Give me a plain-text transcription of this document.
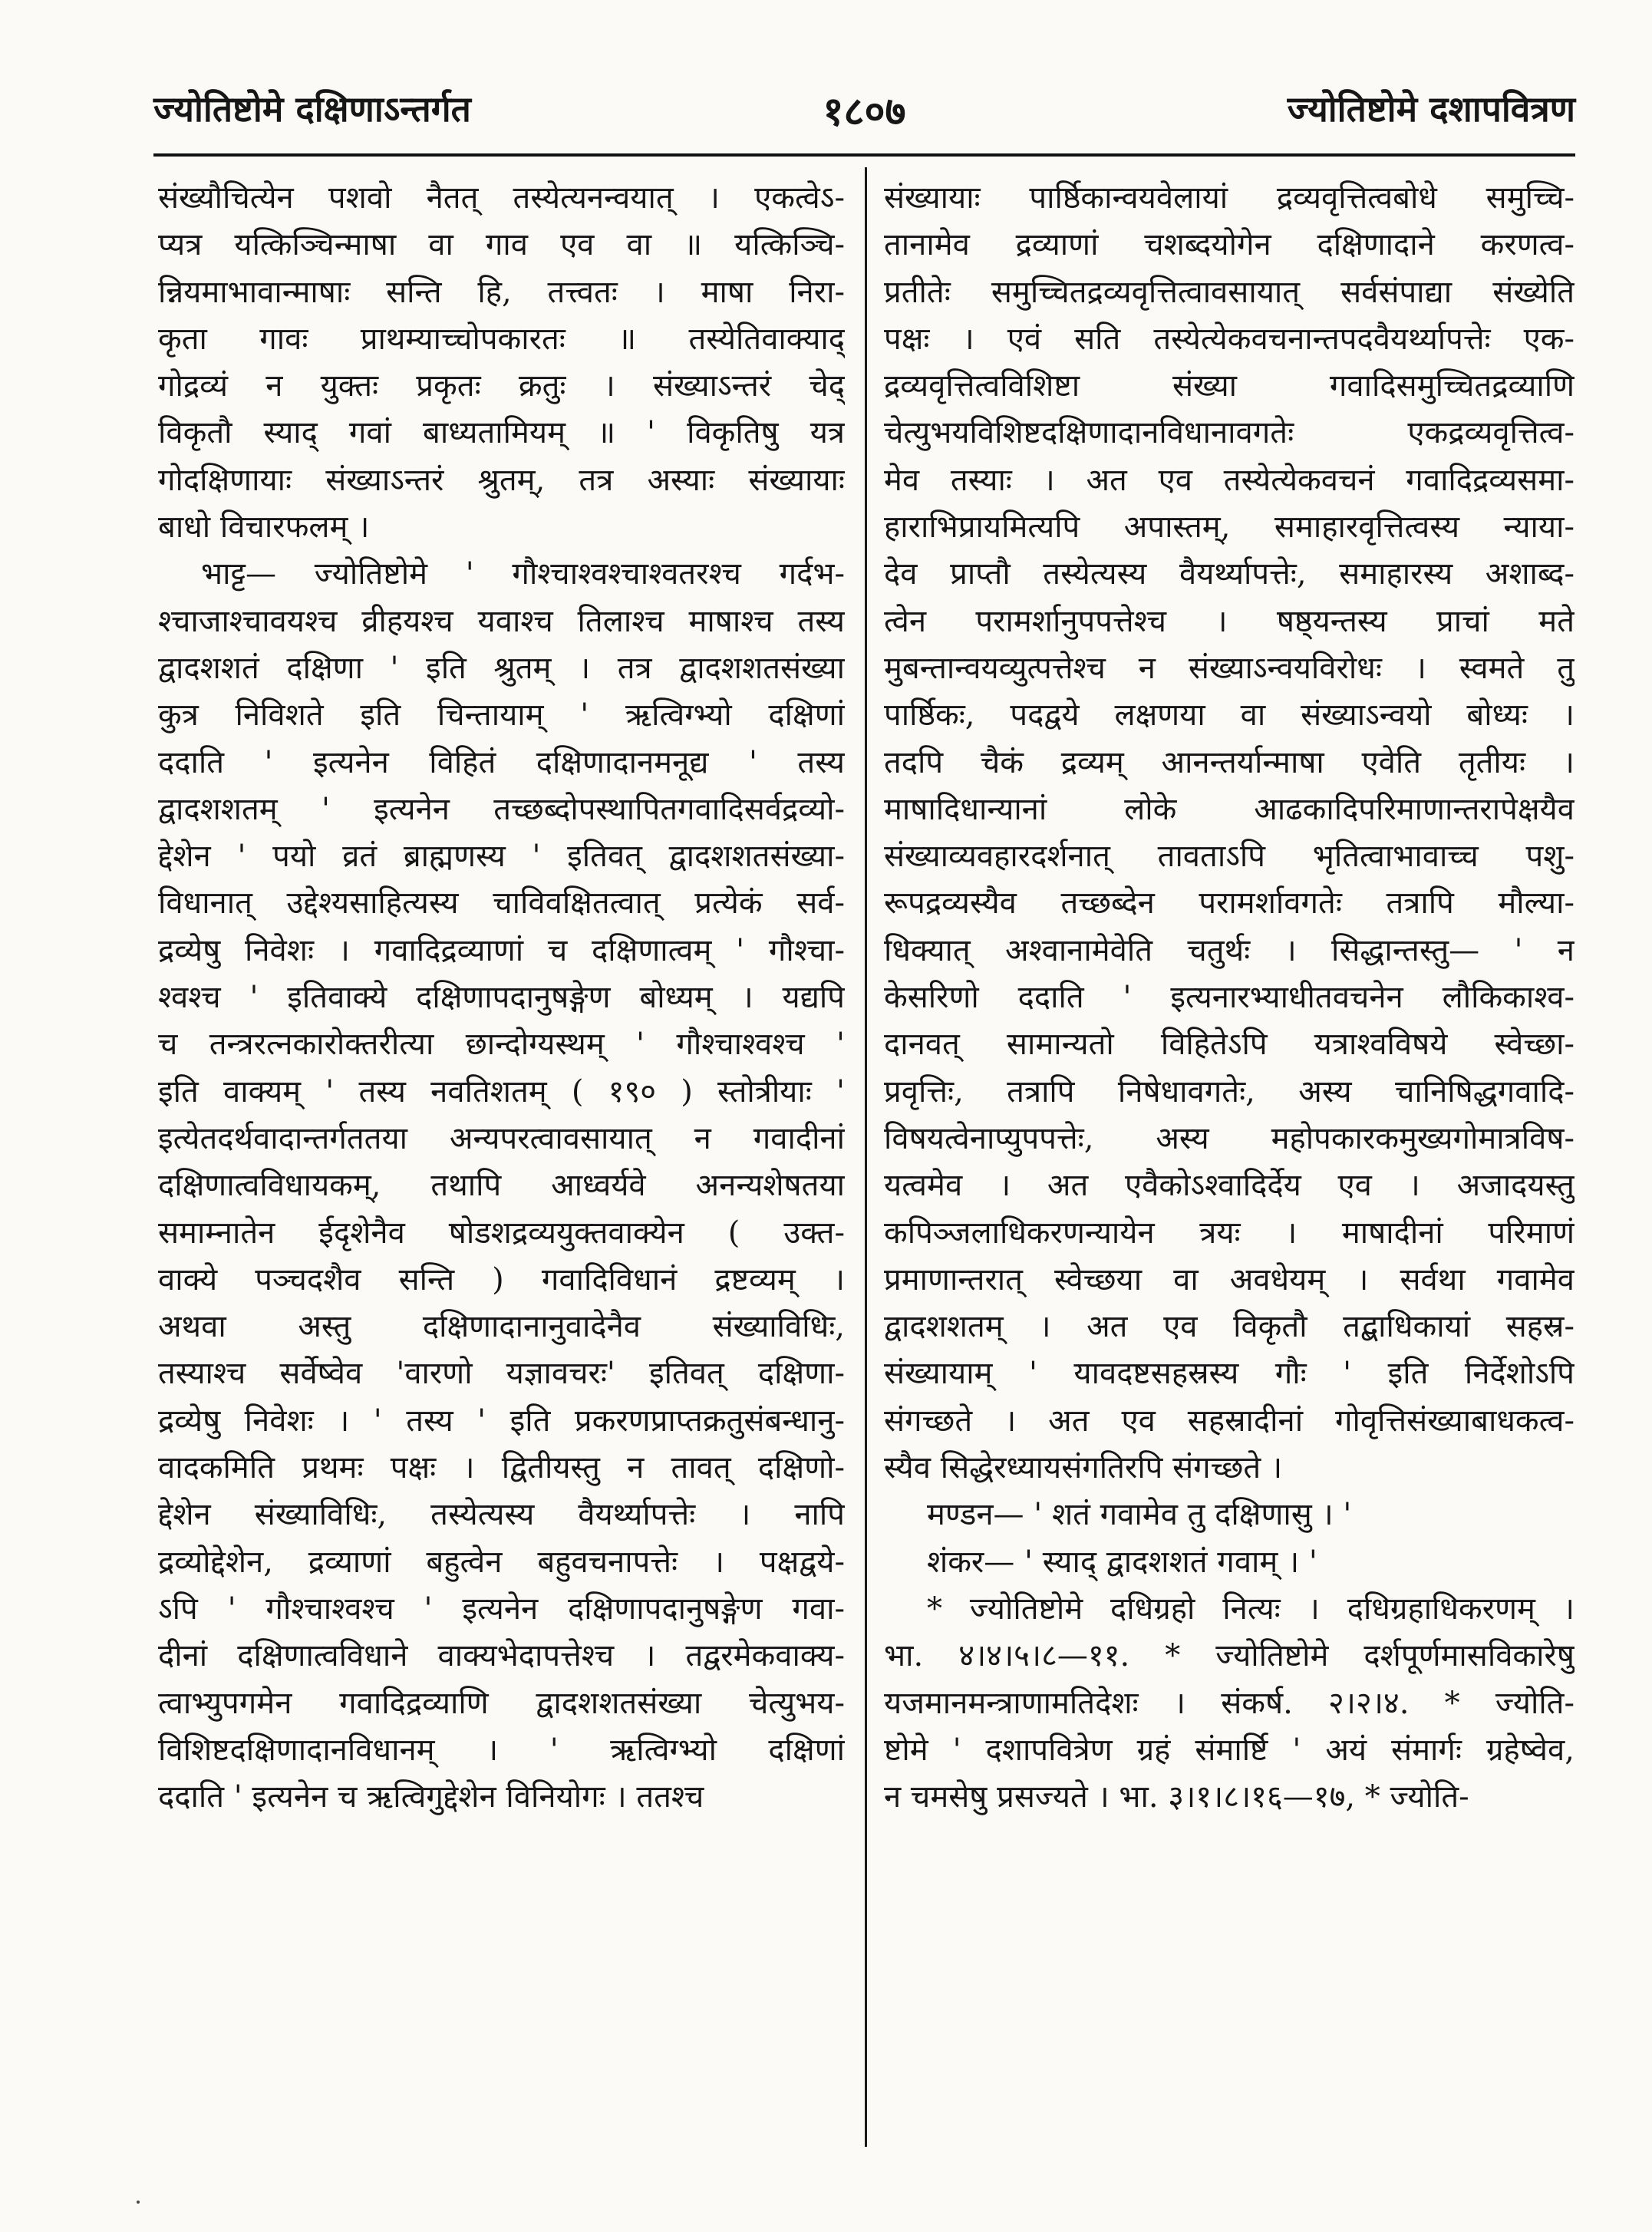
ज्योतिष्टोमे दक्षिणाऽन्तर्गत	१८०७	ज्योतिष्टोमे दशापवित्रण
संख्यौचित्येन पशवो नैतत् तस्येत्यनन्वयात् । एकत्वेऽ-
प्यत्र यत्किञ्चिन्माषा वा गाव एव वा ॥ यत्किञ्चि-
न्नियमाभावान्माषाः सन्ति हि, तत्त्वतः । माषा निरा-
कृता गावः प्राथम्याच्चोपकारतः ॥ तस्येतिवाक्याद्
गोद्रव्यं न युक्तः प्रकृतः क्रतुः । संख्याऽन्तरं चेद्
विकृतौ स्याद् गवां बाध्यतामियम् ॥ ' विकृतिषु यत्र
गोदक्षिणायाः संख्याऽन्तरं श्रुतम्, तत्र अस्याः संख्यायाः
बाधो विचारफलम् ।
भाट्ट— ज्योतिष्टोमे ' गौश्चाश्वश्चाश्वतरश्च गर्दभ-
श्चाजाश्चावयश्च व्रीहयश्च यवाश्च तिलाश्च माषाश्च तस्य
द्वादशशतं दक्षिणा ' इति श्रुतम् । तत्र द्वादशशतसंख्या
कुत्र निविशते इति चिन्तायाम् ' ऋत्विग्भ्यो दक्षिणां
ददाति ' इत्यनेन विहितं दक्षिणादानमनूद्य ' तस्य
द्वादशशतम् ' इत्यनेन तच्छब्दोपस्थापितगवादिसर्वद्रव्यो-
द्देशेन ' पयो व्रतं ब्राह्मणस्य ' इतिवत् द्वादशशतसंख्या-
विधानात् उद्देश्यसाहित्यस्य चाविवक्षितत्वात् प्रत्येकं सर्व-
द्रव्येषु निवेशः । गवादिद्रव्याणां च दक्षिणात्वम् ' गौश्चा-
श्वश्च ' इतिवाक्ये दक्षिणापदानुषङ्गेण बोध्यम् । यद्यपि
च तन्त्ररत्नकारोक्तरीत्या छान्दोग्यस्थम् ' गौश्चाश्वश्च '
इति वाक्यम् ' तस्य नवतिशतम् ( १९० ) स्तोत्रीयाः '
इत्येतदर्थवादान्तर्गततया अन्यपरत्वावसायात् न गवादीनां
दक्षिणात्वविधायकम्, तथापि आध्वर्यवे अनन्यशेषतया
समाम्नातेन ईदृशेनैव षोडशद्रव्ययुक्तवाक्येन ( उक्त-
वाक्ये पञ्चदशैव सन्ति ) गवादिविधानं द्रष्टव्यम् ।
अथवा अस्तु दक्षिणादानानुवादेनैव संख्याविधिः,
तस्याश्च सर्वेष्वेव 'वारणो यज्ञावचरः' इतिवत् दक्षिणा-
द्रव्येषु निवेशः । ' तस्य ' इति प्रकरणप्राप्तक्रतुसंबन्धानु-
वादकमिति प्रथमः पक्षः । द्वितीयस्तु न तावत् दक्षिणो-
द्देशेन संख्याविधिः, तस्येत्यस्य वैयर्थ्यापत्तेः । नापि
द्रव्योद्देशेन, द्रव्याणां बहुत्वेन बहुवचनापत्तेः । पक्षद्वये-
ऽपि ' गौश्चाश्वश्च ' इत्यनेन दक्षिणापदानुषङ्गेण गवा-
दीनां दक्षिणात्वविधाने वाक्यभेदापत्तेश्च । तद्वरमेकवाक्य-
त्वाभ्युपगमेन गवादिद्रव्याणि द्वादशशतसंख्या चेत्युभय-
विशिष्टदक्षिणादानविधानम् । ' ऋत्विग्भ्यो दक्षिणां
ददाति ' इत्यनेन च ऋत्विगुद्देशेन विनियोगः । ततश्च
संख्यायाः पार्ष्ठिकान्वयवेलायां द्रव्यवृत्तित्वबोधे समुच्चि-
तानामेव द्रव्याणां चशब्दयोगेन दक्षिणादाने करणत्व-
प्रतीतेः समुच्चितद्रव्यवृत्तित्वावसायात् सर्वसंपाद्या संख्येति
पक्षः । एवं सति तस्येत्येकवचनान्तपदवैयर्थ्यापत्तेः एक-
द्रव्यवृत्तित्वविशिष्टा संख्या गवादिसमुच्चितद्रव्याणि
चेत्युभयविशिष्टदक्षिणादानविधानावगतेः एकद्रव्यवृत्तित्व-
मेव तस्याः । अत एव तस्येत्येकवचनं गवादिद्रव्यसमा-
हाराभिप्रायमित्यपि अपास्तम्, समाहारवृत्तित्वस्य न्याया-
देव प्राप्तौ तस्येत्यस्य वैयर्थ्यापत्तेः, समाहारस्य अशाब्द-
त्वेन परामर्शानुपपत्तेश्च । षष्ठ्यन्तस्य प्राचां मते
मुबन्तान्वयव्युत्पत्तेश्च न संख्याऽन्वयविरोधः । स्वमते तु
पार्ष्ठिकः, पदद्वये लक्षणया वा संख्याऽन्वयो बोध्यः ।
तदपि चैकं द्रव्यम् आनन्तर्यान्माषा एवेति तृतीयः ।
माषादिधान्यानां लोके आढकादिपरिमाणान्तरापेक्षयैव
संख्याव्यवहारदर्शनात् तावताऽपि भृतित्वाभावाच्च पशु-
रूपद्रव्यस्यैव तच्छब्देन परामर्शावगतेः तत्रापि मौल्या-
धिक्यात् अश्वानामेवेति चतुर्थः । सिद्धान्तस्तु— ' न
केसरिणो ददाति ' इत्यनारभ्याधीतवचनेन लौकिकाश्व-
दानवत् सामान्यतो विहितेऽपि यत्राश्वविषये स्वेच्छा-
प्रवृत्तिः, तत्रापि निषेधावगतेः, अस्य चानिषिद्धगवादि-
विषयत्वेनाप्युपपत्तेः, अस्य महोपकारकमुख्यगोमात्रविष-
यत्वमेव । अत एवैकोऽश्वादिर्देय एव । अजादयस्तु
कपिञ्जलाधिकरणन्यायेन त्रयः । माषादीनां परिमाणं
प्रमाणान्तरात् स्वेच्छया वा अवधेयम् । सर्वथा गवामेव
द्वादशशतम् । अत एव विकृतौ तद्बाधिकायां सहस्र-
संख्यायाम् ' यावदष्टसहस्रस्य गौः ' इति निर्देशोऽपि
संगच्छते । अत एव सहस्रादीनां गोवृत्तिसंख्याबाधकत्व-
स्यैव सिद्धेरध्यायसंगतिरपि संगच्छते ।
मण्डन— ' शतं गवामेव तु दक्षिणासु । '
शंकर— ' स्याद् द्वादशशतं गवाम् । '
* ज्योतिष्टोमे दधिग्रहो नित्यः । दधिग्रहाधिकरणम् ।
भा. ४।४।५।८—११. * ज्योतिष्टोमे दर्शपूर्णमासविकारेषु
यजमानमन्त्राणामतिदेशः । संकर्ष. २।२।४. * ज्योति-
ष्टोमे ' दशापवित्रेण ग्रहं संमार्ष्टि ' अयं संमार्गः ग्रहेष्वेव,
न चमसेषु प्रसज्यते । भा. ३।१।८।१६—१७, * ज्योति-
